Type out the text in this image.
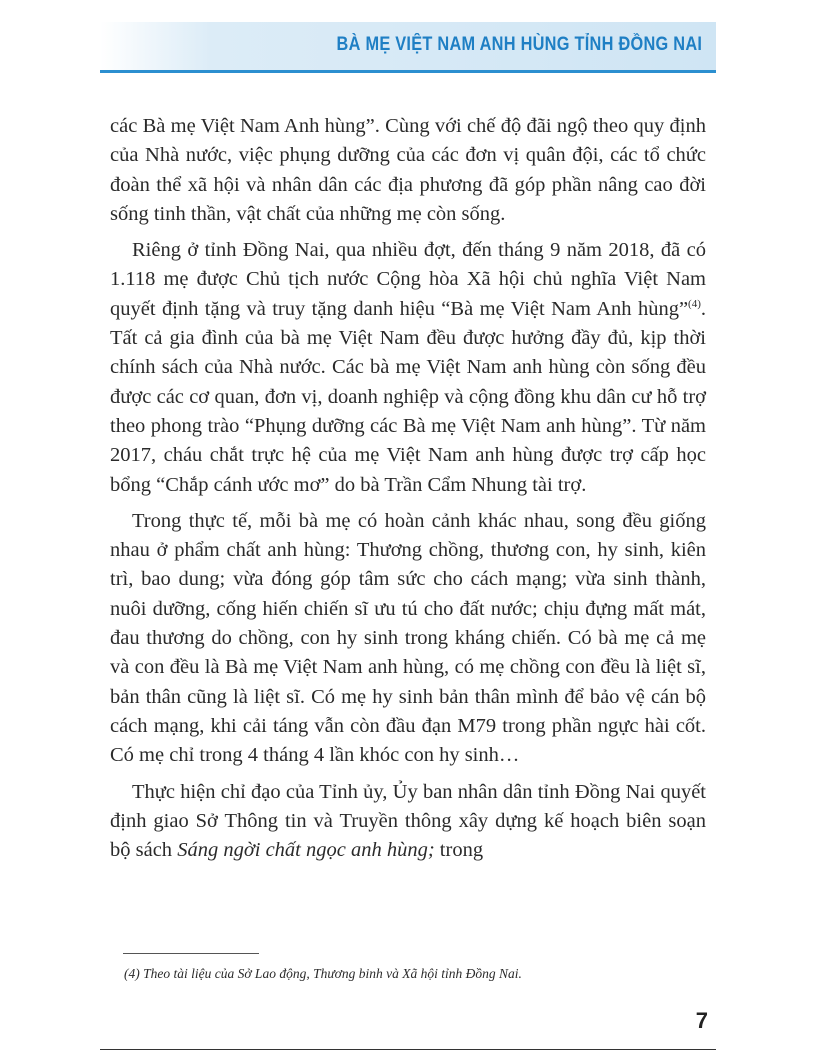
BÀ MẸ VIỆT NAM ANH HÙNG TỈNH ĐỒNG NAI

các Bà mẹ Việt Nam Anh hùng”. Cùng với chế độ đãi ngộ theo quy định của Nhà nước, việc phụng dưỡng của các đơn vị quân đội, các tổ chức đoàn thể xã hội và nhân dân các địa phương đã góp phần nâng cao đời sống tinh thần, vật chất của những mẹ còn sống.

Riêng ở tỉnh Đồng Nai, qua nhiều đợt, đến tháng 9 năm 2018, đã có 1.118 mẹ được Chủ tịch nước Cộng hòa Xã hội chủ nghĩa Việt Nam quyết định tặng và truy tặng danh hiệu “Bà mẹ Việt Nam Anh hùng”$^{(4)}$. Tất cả gia đình của bà mẹ Việt Nam đều được hưởng đầy đủ, kịp thời chính sách của Nhà nước. Các bà mẹ Việt Nam anh hùng còn sống đều được các cơ quan, đơn vị, doanh nghiệp và cộng đồng khu dân cư hỗ trợ theo phong trào “Phụng dưỡng các Bà mẹ Việt Nam anh hùng”. Từ năm 2017, cháu chắt trực hệ của mẹ Việt Nam anh hùng được trợ cấp học bổng “Chắp cánh ước mơ” do bà Trần Cẩm Nhung tài trợ.

Trong thực tế, mỗi bà mẹ có hoàn cảnh khác nhau, song đều giống nhau ở phẩm chất anh hùng: Thương chồng, thương con, hy sinh, kiên trì, bao dung; vừa đóng góp tâm sức cho cách mạng; vừa sinh thành, nuôi dưỡng, cống hiến chiến sĩ ưu tú cho đất nước; chịu đựng mất mát, đau thương do chồng, con hy sinh trong kháng chiến. Có bà mẹ cả mẹ và con đều là Bà mẹ Việt Nam anh hùng, có mẹ chồng con đều là liệt sĩ, bản thân cũng là liệt sĩ. Có mẹ hy sinh bản thân mình để bảo vệ cán bộ cách mạng, khi cải táng vẫn còn đầu đạn M79 trong phần ngực hài cốt. Có mẹ chỉ trong 4 tháng 4 lần khóc con hy sinh…

Thực hiện chỉ đạo của Tỉnh ủy, Ủy ban nhân dân tỉnh Đồng Nai quyết định giao Sở Thông tin và Truyền thông xây dựng kế hoạch biên soạn bộ sách Sáng ngời chất ngọc anh hùng; trong

(4) Theo tài liệu của Sở Lao động, Thương binh và Xã hội tỉnh Đồng Nai.
7
